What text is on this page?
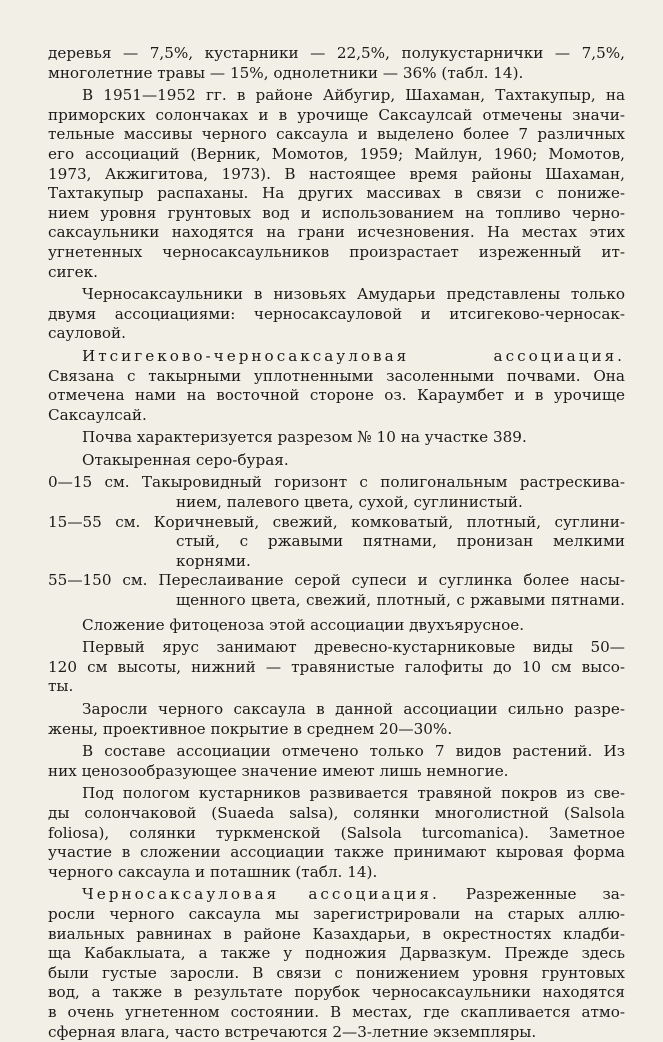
деревья — 7,5%, кустарники — 22,5%, полукустарнички — 7,5%,
многолетние травы — 15%, однолетники — 36% (табл. 14).
В 1951—1952 гг. в районе Айбугир, Шахаман, Тахтакупыр, на
приморских солончаках и в урочище Саксаулсай отмечены значи-
тельные массивы черного саксаула и выделено более 7 различных
его ассоциаций (Верник, Момотов, 1959; Майлун, 1960; Момотов,
1973, Акжигитова, 1973). В настоящее время районы Шахаман,
Тахтакупыр распаханы. На других массивах в связи с пониже-
нием уровня грунтовых вод и использованием на топливо черно-
саксаульники находятся на грани исчезновения. На местах этих
угнетенных черносаксаульников произрастает изреженный ит-
сигек.
Черносаксаульники в низовьях Амударьи представлены только
двумя ассоциациями: черносаксауловой и итсигеково-черносак-
сауловой.
Итсигеково-черносаксауловая ассоциация.
Связана с такырными уплотненными засоленными почвами. Она
отмечена нами на восточной стороне оз. Караумбет и в урочище
Саксаулсай.
Почва характеризуется разрезом № 10 на участке 389.
Отакыренная серо-бурая.
0—15 см. Такыровидный горизонт с полигональным растрескива-
нием, палевого цвета, сухой, суглинистый.
15—55 см. Коричневый, свежий, комковатый, плотный, суглини-
стый, с ржавыми пятнами, пронизан мелкими корнями.
55—150 см. Переслаивание серой супеси и суглинка более насы-
щенного цвета, свежий, плотный, с ржавыми пятнами.
Сложение фитоценоза этой ассоциации двухъярусное.
Первый ярус занимают древесно-кустарниковые виды 50—
120 см высоты, нижний — травянистые галофиты до 10 см высо-
ты.
Заросли черного саксаула в данной ассоциации сильно разре-
жены, проективное покрытие в среднем 20—30%.
В составе ассоциации отмечено только 7 видов растений. Из
них ценозообразующее значение имеют лишь немногие.
Под пологом кустарников развивается травяной покров из све-
ды солончаковой (Suaeda salsa), солянки многолистной (Salsola
foliosa), солянки туркменской (Salsola turcomanica). Заметное
участие в сложении ассоциации также принимают кыровая форма
черного саксаула и поташник (табл. 14).
Черносаксауловая ассоциация. Разреженные за-
росли черного саксаула мы зарегистрировали на старых аллю-
виальных равнинах в районе Казахдарьи, в окрестностях кладби-
ща Кабаклыата, а также у подножия Дарвазкум. Прежде здесь
были густые заросли. В связи с понижением уровня грунтовых
вод, а также в результате порубок черносаксаульники находятся
в очень угнетенном состоянии. В местах, где скапливается атмо-
сферная влага, часто встречаются 2—3-летние экземпляры.
